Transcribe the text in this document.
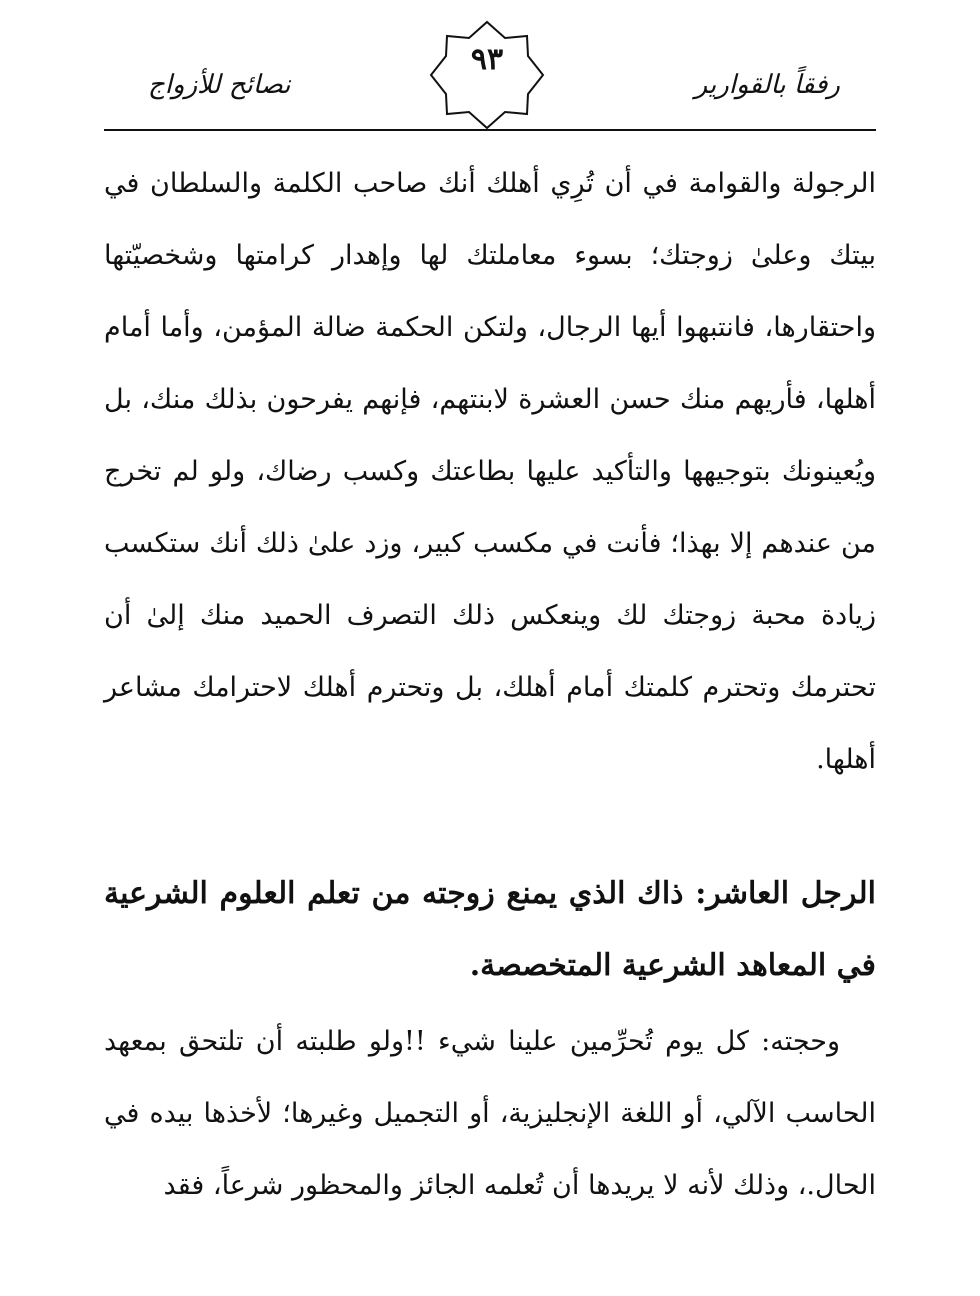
نصائح للأزواج
٩٣
رفقاً بالقوارير

الرجولة والقوامة في أن تُرِي أهلك أنك صاحب الكلمة والسلطان في بيتك وعلىٰ زوجتك؛ بسوء معاملتك لها وإهدار كرامتها وشخصيّتها واحتقارها، فانتبهوا أيها الرجال، ولتكن الحكمة ضالة المؤمن، وأما أمام أهلها، فأريهم منك حسن العشرة لابنتهم، فإنهم يفرحون بذلك منك، بل ويُعينونك بتوجيهها والتأكيد عليها بطاعتك وكسب رضاك، ولو لم تخرج من عندهم إلا بهذا؛ فأنت في مكسب كبير، وزد علىٰ ذلك أنك ستكسب زيادة محبة زوجتك لك وينعكس ذلك التصرف الحميد منك إلىٰ أن تحترمك وتحترم كلمتك أمام أهلك، بل وتحترم أهلك لاحترامك مشاعر أهلها.

الرجل العاشر: ذاك الذي يمنع زوجته من تعلم العلوم الشرعية في المعاهد الشرعية المتخصصة.
وحجته: كل يوم تُحرِّمين علينا شيء !!ولو طلبته أن تلتحق بمعهد الحاسب الآلي، أو اللغة الإنجليزية، أو التجميل وغيرها؛ لأخذها بيده في الحال.، وذلك لأنه لا يريدها أن تُعلمه الجائز والمحظور شرعاً، فقد
